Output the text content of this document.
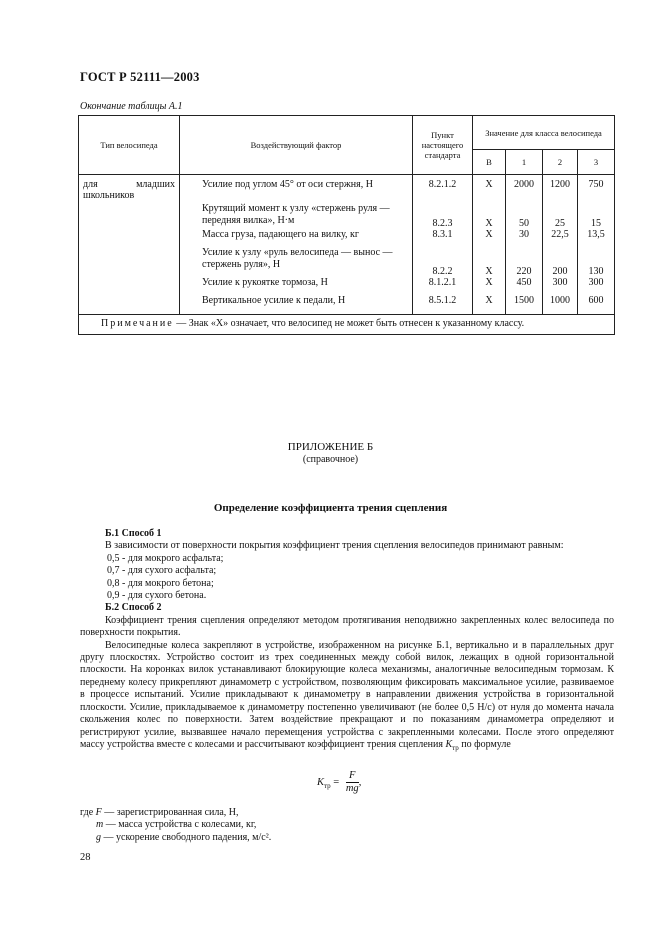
ГОСТ Р 52111—2003
Окончание таблицы А.1
Тип велосипеда	Воздействующий фактор	Пункт настоящего стандарта	Значение для класса велосипеда			
			В	1	2	3
для младших школьников	Усилие под углом 45° от оси стержня, Н	8.2.1.2	Х	2000	1200	750
	Крутящий момент к узлу «стержень руля — передняя вилка», Н·м	8.2.3	Х	50	25	15
	Масса груза, падающего на вилку, кг	8.3.1	Х	30	22,5	13,5
	Усилие к узлу «руль велосипеда — вынос — стержень руля», Н	8.2.2	Х	220	200	130
	Усилие к рукоятке тормоза, Н	8.1.2.1	Х	450	300	300
	Вертикальное усилие к педали, Н	8.5.1.2	Х	1500	1000	600
Примечание — Знак «Х» означает, что велосипед не может быть отнесен к указанному классу.						
ПРИЛОЖЕНИЕ Б
(справочное)
Определение коэффициента трения сцепления
Б.1 Способ 1
В зависимости от поверхности покрытия коэффициент трения сцепления велосипедов принимают равным:
0,5 - для мокрого асфальта;
0,7 - для сухого асфальта;
0,8 - для мокрого бетона;
0,9 - для сухого бетона.
Б.2 Способ 2
Коэффициент трения сцепления определяют методом протягивания неподвижно закрепленных колес велосипеда по поверхности покрытия.
Велосипедные колеса закрепляют в устройстве, изображенном на рисунке Б.1, вертикально и в параллельных друг другу плоскостях. Устройство состоит из трех соединенных между собой вилок, лежащих в одной горизонтальной плоскости. На коронках вилок устанавливают блокирующие колеса механизмы, аналогичные велосипедным тормозам. К переднему колесу прикрепляют динамометр с устройством, позволяющим фиксировать максимальное усилие, развиваемое в процессе испытаний. Усилие прикладывают к динамометру в направлении движения устройства в горизонтальной плоскости. Усилие, прикладываемое к динамометру постепенно увеличивают (не более 0,5 Н/с) от нуля до момента начала скольжения колес по поверхности. Затем воздействие прекращают и по показаниям динамометра определяют и регистрируют усилие, вызвавшее начало перемещения устройства с закрепленными колесами. После этого определяют массу устройства вместе с колесами и рассчитывают коэффициент трения сцепления $K_{тр}$ по формуле
$K_{тр} = \frac{F}{mg}$ ,
где F — зарегистрированная сила, Н,
m — масса устройства с колесами, кг,
g — ускорение свободного падения, м/с².
28
